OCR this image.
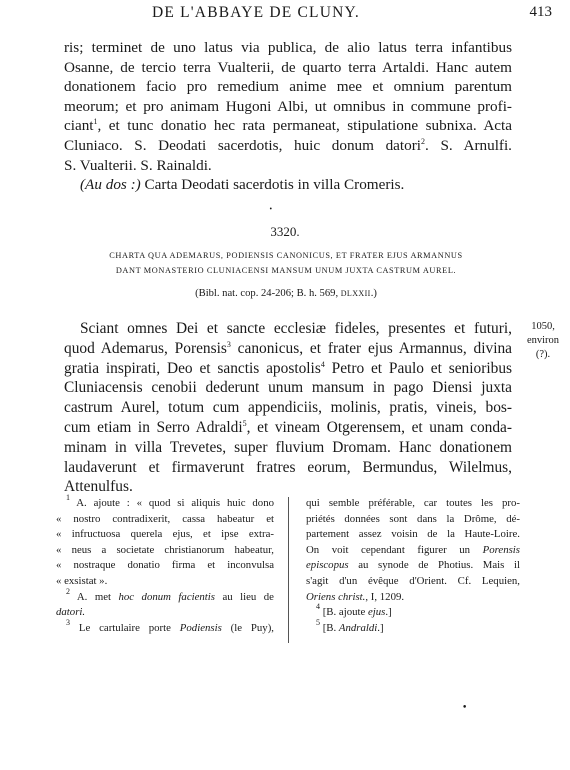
DE L'ABBAYE DE CLUNY.	413
ris; terminet de uno latus via publica, de alio latus terra infantibus
Osanne, de tercio terra Vualterii, de quarto terra Artaldi. Hanc autem
donationem facio pro remedium anime mee et omnium parentum
meorum; et pro animam Hugoni Albi, ut omnibus in commune profi-
ciant$^1$, et tunc donatio hec rata permaneat, stipulatione subnixa. Acta
Cluniaco. S. Deodati sacerdotis, huic donum datori$^2$. S. Arnulfi.
S. Vualterii. S. Rainaldi.
(Au dos :) Carta Deodati sacerdotis in villa Cromeris.
•
3320.
CHARTA QUA ADEMARUS, PODIENSIS CANONICUS, ET FRATER EJUS ARMANNUS
DANT MONASTERIO CLUNIACENSI MANSUM UNUM JUXTA CASTRUM AUREL.
(Bibl. nat. cop. 24-206; B. h. 569, DLXXII.)
1050,
environ (?).
Sciant omnes Dei et sancte ecclesiæ fideles, presentes et futuri,
quod Ademarus, Porensis$^3$ canonicus, et frater ejus Armannus, divina
gratia inspirati, Deo et sanctis apostolis$^4$ Petro et Paulo et senioribus
Cluniacensis cenobii dederunt unum mansum in pago Diensi juxta
castrum Aurel, totum cum appendiciis, molinis, pratis, vineis, bos-
cum etiam in Serro Adraldi$^5$, et vineam Otgerensem, et unam conda-
minam in villa Trevetes, super fluvium Dromam. Hanc donationem
laudaverunt et firmaverunt fratres eorum, Bermundus, Wilelmus,
Attenulfus.
$^1$ A. ajoute : « quod si aliquis huic dono
« nostro contradixerit, cassa habeatur et
« infructuosa querela ejus, et ipse extra-
« neus a societate christianorum habeatur,
« nostraque donatio firma et inconvulsa
« exsistat ».
$^2$ A. met hoc donum facientis au lieu de
datori.
$^3$ Le cartulaire porte Podiensis (le Puy),
qui semble préférable, car toutes les pro-
priétés données sont dans la Drôme, dé-
partement assez voisin de la Haute-Loire.
On voit cependant figurer un Porensis
episcopus au synode de Photius. Mais il
s'agit d'un évêque d'Orient. Cf. Lequien,
Oriens christ., I, 1209.
$^4$ [B. ajoute ejus.]
$^5$ [B. Andraldi.]
•
